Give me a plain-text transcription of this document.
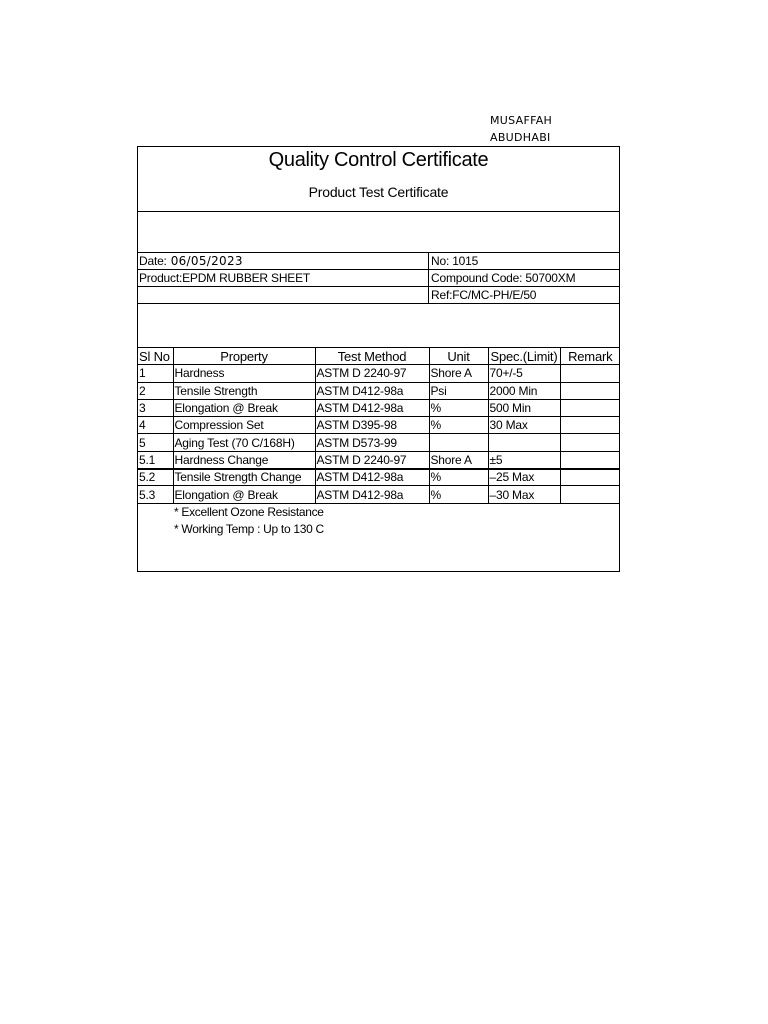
MUSAFFAH
ABUDHABI
Quality Control Certificate
Product Test Certificate
Date: 06/05/2023	No: 1015
Product:EPDM RUBBER SHEET	Compound Code: 50700XM
Ref:FC/MC-PH/E/50
Sl No	Property	Test Method	Unit	Spec.(Limit)	Remark
1	Hardness	ASTM D 2240-97	Shore A	70+/-5	
2	Tensile Strength	ASTM D412-98a	Psi	2000 Min	
3	Elongation @ Break	ASTM D412-98a	%	500 Min	
4	Compression Set	ASTM D395-98	%	30 Max	
5	Aging Test (70 C/168H)	ASTM D573-99			
5.1	Hardness Change	ASTM D 2240-97	Shore A	±5	
5.2	Tensile Strength Change	ASTM D412-98a	%	–25 Max	
5.3	Elongation @ Break	ASTM D412-98a	%	–30 Max	
* Excellent Ozone Resistance
* Working Temp : Up to 130 C
